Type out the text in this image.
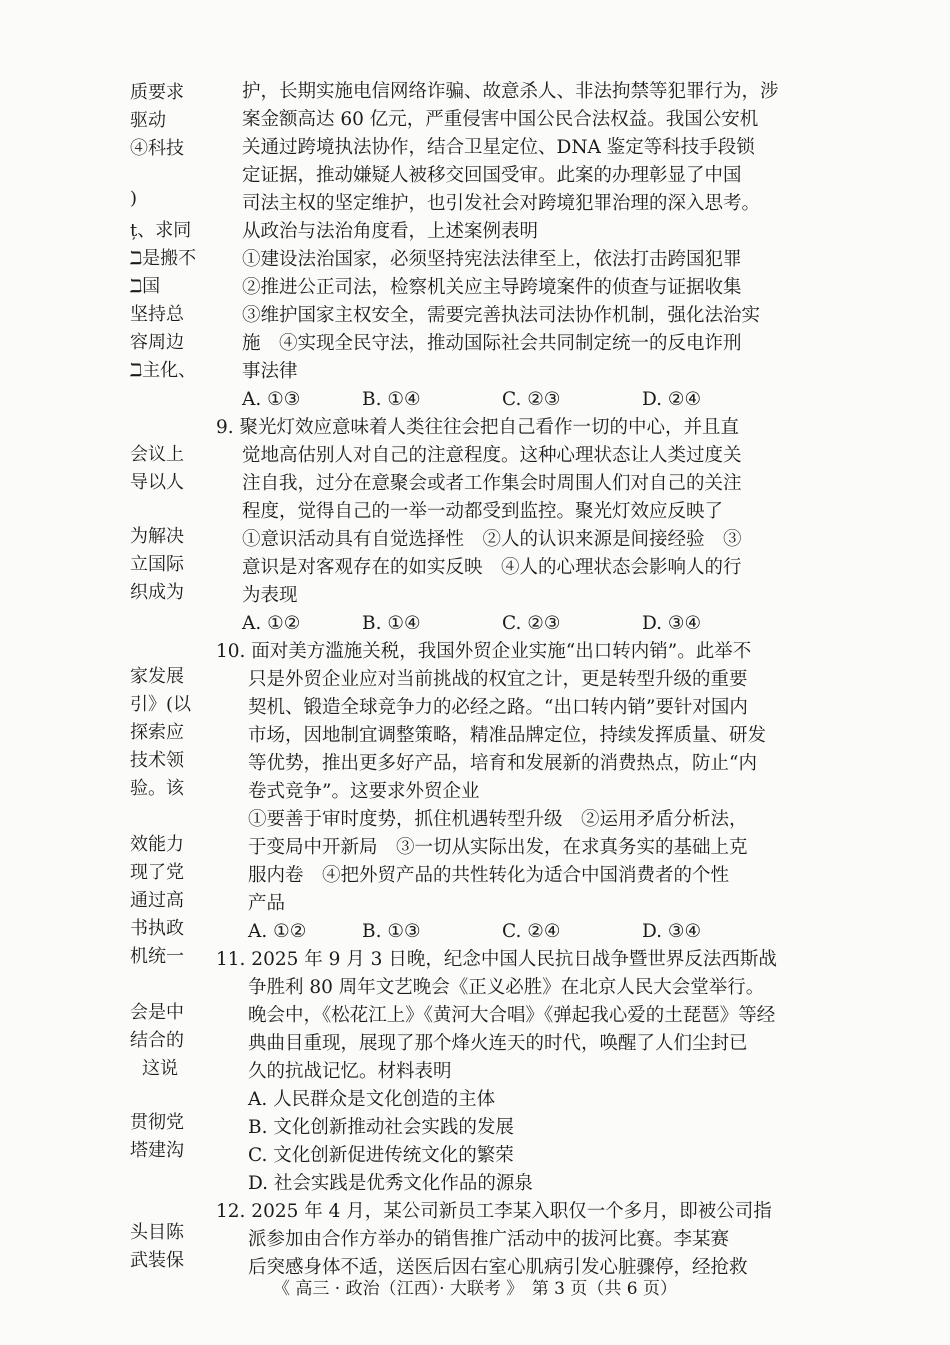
质要求
驱动
④科技
)
ț、求同
ℶ是搬不
ℶ国
坚持总
容周边
ℶ主化、
会议上
导以人
为解决
立国际
织成为
家发展
引》(以
探索应
技术领
验。该
效能力
现了党
通过高
书执政
机统一
会是中
结合的
这说
贯彻党
塔建沟
头目陈
武装保
护，长期实施电信网络诈骗、故意杀人、非法拘禁等犯罪行为，涉
案金额高达 60 亿元，严重侵害中国公民合法权益。我国公安机
关通过跨境执法协作，结合卫星定位、DNA 鉴定等科技手段锁
定证据，推动嫌疑人被移交回国受审。此案的办理彰显了中国
司法主权的坚定维护，也引发社会对跨境犯罪治理的深入思考。
从政治与法治角度看，上述案例表明
①建设法治国家，必须坚持宪法法律至上，依法打击跨国犯罪
②推进公正司法，检察机关应主导跨境案件的侦查与证据收集
③维护国家主权安全，需要完善执法司法协作机制，强化法治实
施　④实现全民守法，推动国际社会共同制定统一的反电诈刑
事法律
A. ①③	B. ①④	C. ②③	D. ②④
9. 聚光灯效应意味着人类往往会把自己看作一切的中心，并且直
觉地高估别人对自己的注意程度。这种心理状态让人类过度关
注自我，过分在意聚会或者工作集会时周围人们对自己的关注
程度，觉得自己的一举一动都受到监控。聚光灯效应反映了
①意识活动具有自觉选择性　②人的认识来源是间接经验　③
意识是对客观存在的如实反映　④人的心理状态会影响人的行
为表现
A. ①②	B. ①④	C. ②③	D. ③④
10. 面对美方滥施关税，我国外贸企业实施“出口转内销”。此举不
只是外贸企业应对当前挑战的权宜之计，更是转型升级的重要
契机、锻造全球竞争力的必经之路。“出口转内销”要针对国内
市场，因地制宜调整策略，精准品牌定位，持续发挥质量、研发
等优势，推出更多好产品，培育和发展新的消费热点，防止“内
卷式竞争”。这要求外贸企业
①要善于审时度势，抓住机遇转型升级　②运用矛盾分析法，
于变局中开新局　③一切从实际出发，在求真务实的基础上克
服内卷　④把外贸产品的共性转化为适合中国消费者的个性
产品
A. ①②	B. ①③	C. ②④	D. ③④
11. 2025 年 9 月 3 日晚，纪念中国人民抗日战争暨世界反法西斯战
争胜利 80 周年文艺晚会《正义必胜》在北京人民大会堂举行。
晚会中，《松花江上》《黄河大合唱》《弹起我心爱的土琵琶》等经
典曲目重现，展现了那个烽火连天的时代，唤醒了人们尘封已
久的抗战记忆。材料表明
A. 人民群众是文化创造的主体
B. 文化创新推动社会实践的发展
C. 文化创新促进传统文化的繁荣
D. 社会实践是优秀文化作品的源泉
12. 2025 年 4 月，某公司新员工李某入职仅一个多月，即被公司指
派参加由合作方举办的销售推广活动中的拔河比赛。李某赛
后突感身体不适，送医后因右室心肌病引发心脏骤停，经抢救
《 高三 · 政治（江西）· 大联考 》　第 3 页（共 6 页）
